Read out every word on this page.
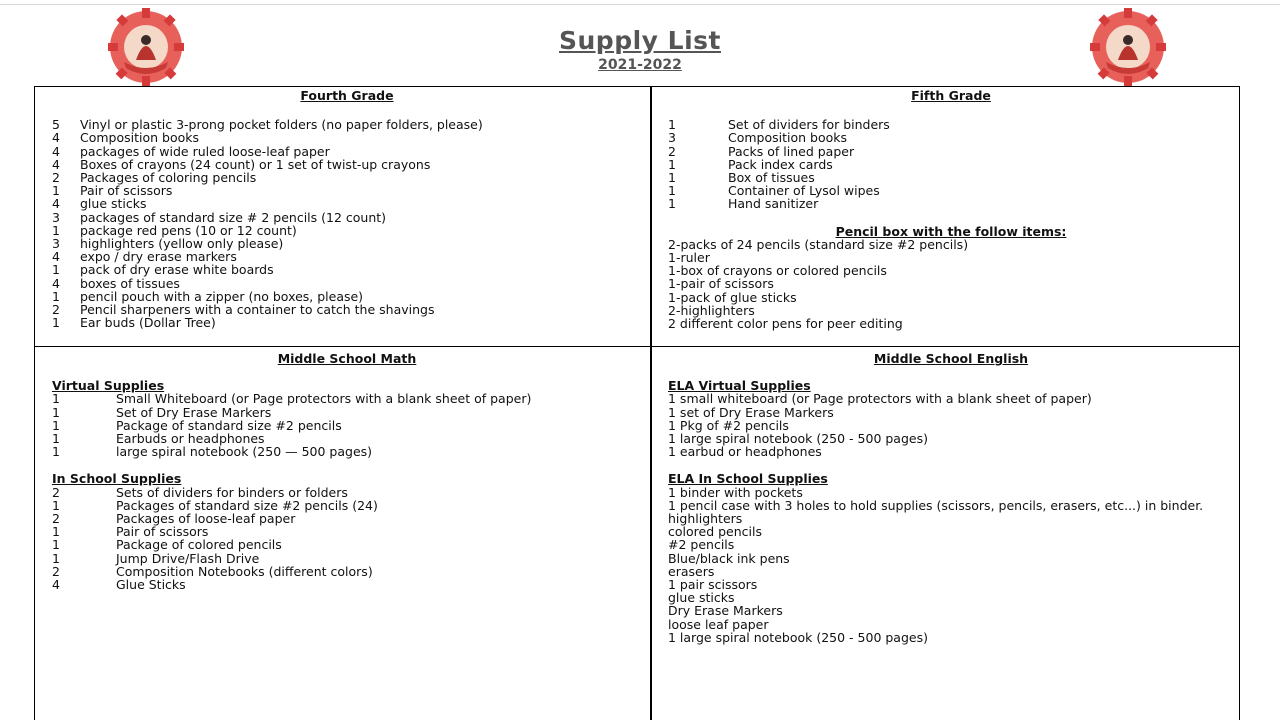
Supply List
2021-2022
Fourth Grade
5 Vinyl or plastic 3-prong pocket folders (no paper folders, please)
4	Composition books
4	packages of wide ruled loose-leaf paper
4	Boxes of crayons (24 count) or 1 set of twist-up crayons
2	Packages of coloring pencils
1	Pair of scissors
4	glue sticks
3	packages of standard size # 2 pencils (12 count)
1	package red pens (10 or 12 count)
3	highlighters (yellow only please)
4	expo / dry erase markers
1	pack of dry erase white boards
4	boxes of tissues
1	pencil pouch with a zipper (no boxes, please)
2	Pencil sharpeners with a container to catch the shavings
1	Ear buds (Dollar Tree)
Fifth Grade
1	Set of dividers for binders
3	Composition books
2	Packs of lined paper
1	Pack index cards
1	Box of tissues
1	Container of Lysol wipes
1	Hand sanitizer
Pencil box with the follow items:
2-packs of 24 pencils (standard size #2 pencils)
1-ruler
1-box of crayons or colored pencils
1-pair of scissors
1-pack of glue sticks
2-highlighters
2 different color pens for peer editing
Middle School Math
Virtual Supplies
1	Small Whiteboard (or Page protectors with a blank sheet of paper)
1	Set of Dry Erase Markers
1	Package of standard size #2 pencils
1	Earbuds or headphones
1	large spiral notebook (250 — 500 pages)
In School Supplies
2	Sets of dividers for binders or folders
1	Packages of standard size #2 pencils (24)
2	Packages of loose-leaf paper
1	Pair of scissors
1	Package of colored pencils
1	Jump Drive/Flash Drive
2	Composition Notebooks (different colors)
4	Glue Sticks
Middle School English
ELA Virtual Supplies
1 small whiteboard (or Page protectors with a blank sheet of paper)
1 set of Dry Erase Markers
1 Pkg of #2 pencils
1 large spiral notebook (250 - 500 pages)
1 earbud or headphones
ELA In School Supplies
1 binder with pockets
1 pencil case with 3 holes to hold supplies (scissors, pencils, erasers, etc...) in binder.
highlighters
colored pencils
#2 pencils
Blue/black ink pens
erasers
1 pair scissors
glue sticks
Dry Erase Markers
loose leaf paper
1 large spiral notebook (250 - 500 pages)
